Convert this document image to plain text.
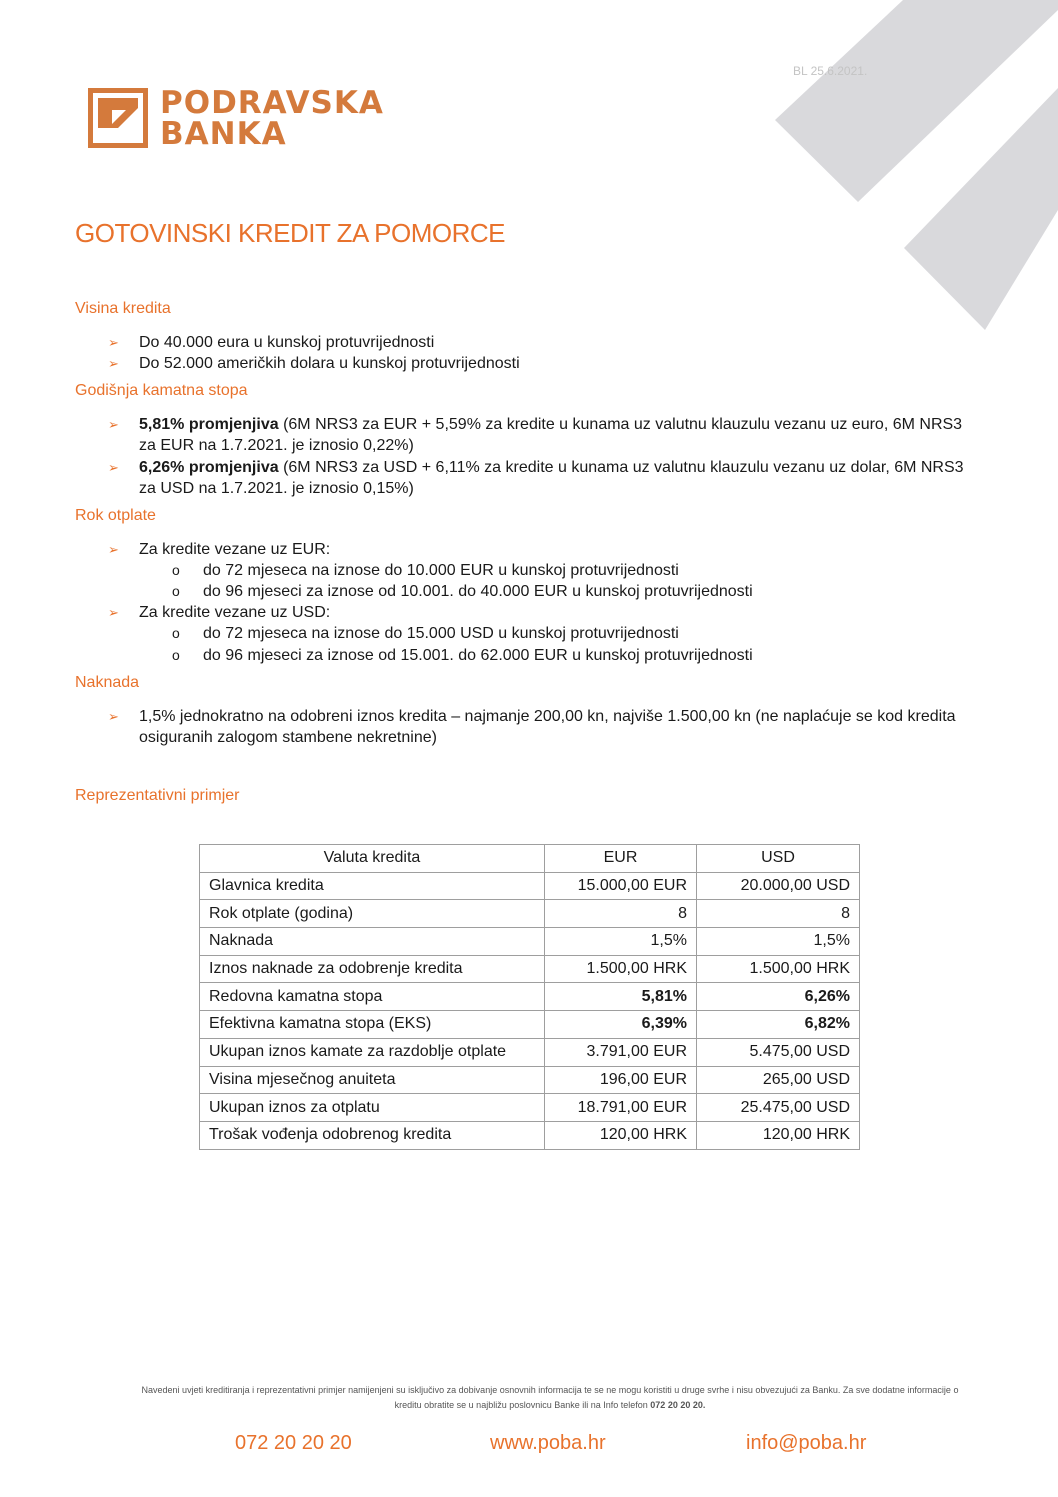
BL 25.6.2021.
PODRAVSKA
BANKA
GOTOVINSKI KREDIT ZA POMORCE
Visina kredita
➢	Do 40.000 eura u kunskoj protuvrijednosti
➢	Do 52.000 američkih dolara u kunskoj protuvrijednosti
Godišnja kamatna stopa
➢	5,81% promjenjiva (6M NRS3 za EUR + 5,59% za kredite u kunama uz valutnu klauzulu vezanu uz euro, 6M NRS3 za EUR na 1.7.2021. je iznosio 0,22%)
➢	6,26% promjenjiva (6M NRS3 za USD + 6,11% za kredite u kunama uz valutnu klauzulu vezanu uz dolar, 6M NRS3 za USD na 1.7.2021. je iznosio 0,15%)
Rok otplate
➢	Za kredite vezane uz EUR:
o	do 72 mjeseca na iznose do 10.000 EUR u kunskoj protuvrijednosti
o	do 96 mjeseci za iznose od 10.001. do 40.000 EUR u kunskoj protuvrijednosti
➢	Za kredite vezane uz USD:
o	do 72 mjeseca na iznose do 15.000 USD u kunskoj protuvrijednosti
o	do 96 mjeseci za iznose od 15.001. do 62.000 EUR u kunskoj protuvrijednosti
Naknada
➢	1,5% jednokratno na odobreni iznos kredita – najmanje 200,00 kn, najviše 1.500,00 kn (ne naplaćuje se kod kredita osiguranih zalogom stambene nekretnine)
Reprezentativni primjer
Valuta kredita	EUR	USD
Glavnica kredita	15.000,00 EUR	20.000,00 USD
Rok otplate (godina)	8	8
Naknada	1,5%	1,5%
Iznos naknade za odobrenje kredita	1.500,00 HRK	1.500,00 HRK
Redovna kamatna stopa	5,81%	6,26%
Efektivna kamatna stopa (EKS)	6,39%	6,82%
Ukupan iznos kamate za razdoblje otplate	3.791,00 EUR	5.475,00 USD
Visina mjesečnog anuiteta	196,00 EUR	265,00 USD
Ukupan iznos za otplatu	18.791,00 EUR	25.475,00 USD
Trošak vođenja odobrenog kredita	120,00 HRK	120,00 HRK
Navedeni uvjeti kreditiranja i reprezentativni primjer namijenjeni su isključivo za dobivanje osnovnih informacija te se ne mogu koristiti u druge svrhe i nisu obvezujući za Banku. Za sve dodatne informacije o
kreditu obratite se u najbližu poslovnicu Banke ili na Info telefon 072 20 20 20.
072 20 20 20	www.poba.hr	info@poba.hr
